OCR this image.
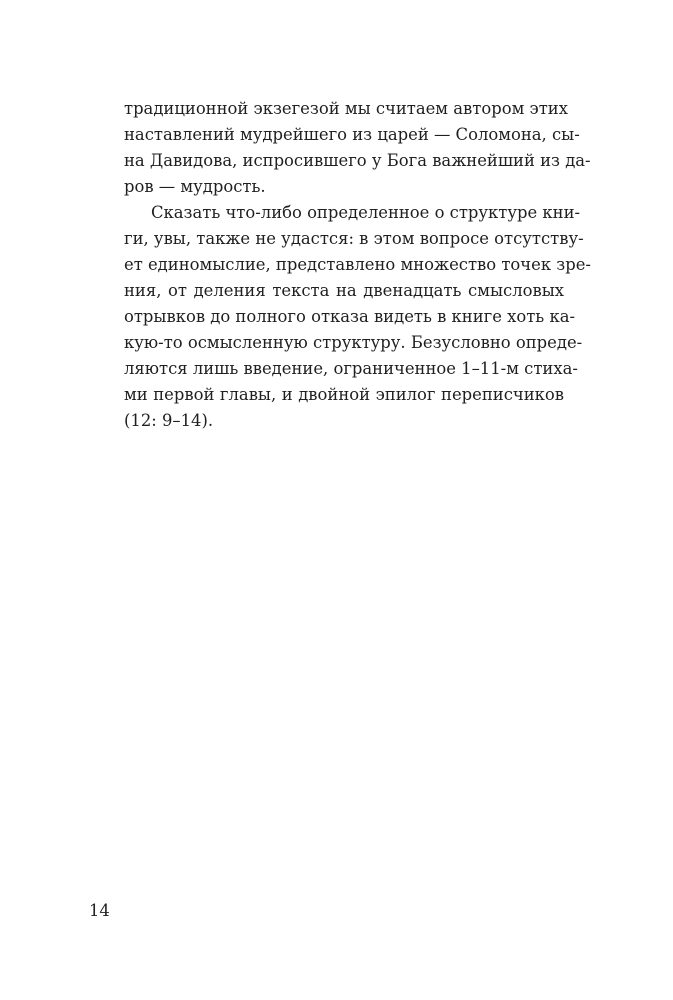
традиционной экзегезой мы считаем автором этих
наставлений мудрейшего из царей — Соломона, сы-
на Давидова, испросившего у Бога важнейший из да-
ров — мудрость.
Сказать что-либо определенное о структуре кни-
ги, увы, также не удастся: в этом вопросе отсутству-
ет единомыслие, представлено множество точек зре-
ния, от деления текста на двенадцать смысловых
отрывков до полного отказа видеть в книге хоть ка-
кую-то осмысленную структуру. Безусловно опреде-
ляются лишь введение, ограниченное 1–11-м стиха-
ми первой главы, и двойной эпилог переписчиков
(12: 9–14).
14
